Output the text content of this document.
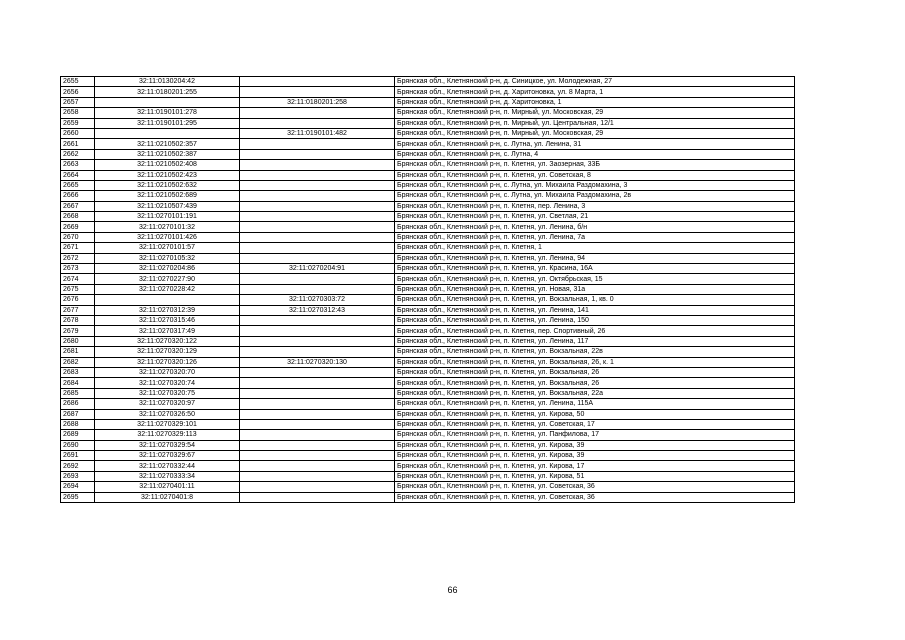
2655	32:11:0130204:42		Брянская обл., Клетнянский р-н, д. Синицкое, ул. Молодежная, 27
2656	32:11:0180201:255		Брянская обл., Клетнянский р-н, д. Харитоновка, ул. 8 Марта, 1
2657		32:11:0180201:258	Брянская обл., Клетнянский р-н, д. Харитоновка, 1
2658	32:11:0190101:278		Брянская обл., Клетнянский р-н, п. Мирный, ул. Московская, 29
2659	32:11:0190101:295		Брянская обл., Клетнянский р-н, п. Мирный, ул. Центральная, 12/1
2660		32:11:0190101:482	Брянская обл., Клетнянский р-н, п. Мирный, ул. Московская, 29
2661	32:11:0210502:357		Брянская обл., Клетнянский р-н, с. Лутна, ул. Ленина, 31
2662	32:11:0210502:387		Брянская обл., Клетнянский р-н, с. Лутна, 4
2663	32:11:0210502:408		Брянская обл., Клетнянский р-н, п. Клетня, ул. Заозерная, 33Б
2664	32:11:0210502:423		Брянская обл., Клетнянский р-н, п. Клетня, ул. Советская, 8
2665	32:11:0210502:632		Брянская обл., Клетнянский р-н, с. Лутна, ул. Михаила Раздомахина, 3
2666	32:11:0210502:689		Брянская обл., Клетнянский р-н, с. Лутна, ул. Михаила Раздомахина, 2в
2667	32:11:0210507:439		Брянская обл., Клетнянский р-н, п. Клетня, пер. Ленина, 3
2668	32:11:0270101:191		Брянская обл., Клетнянский р-н, п. Клетня, ул. Светлая, 21
2669	32:11:0270101:32		Брянская обл., Клетнянский р-н, п. Клетня, ул. Ленина, б/н
2670	32:11:0270101:426		Брянская обл., Клетнянский р-н, п. Клетня, ул. Ленина, 7а
2671	32:11:0270101:57		Брянская обл., Клетнянский р-н, п. Клетня, 1
2672	32:11:0270105:32		Брянская обл., Клетнянский р-н, п. Клетня, ул. Ленина, 94
2673	32:11:0270204:86	32:11:0270204:91	Брянская обл., Клетнянский р-н, п. Клетня, ул. Красина, 16А
2674	32:11:0270227:90		Брянская обл., Клетнянский р-н, п. Клетня, ул. Октябрьская, 15
2675	32:11:0270228:42		Брянская обл., Клетнянский р-н, п. Клетня, ул. Новая, 31а
2676		32:11:0270303:72	Брянская обл., Клетнянский р-н, п. Клетня, ул. Вокзальная, 1, кв. 0
2677	32:11:0270312:39	32:11:0270312:43	Брянская обл., Клетнянский р-н, п. Клетня, ул. Ленина, 141
2678	32:11:0270315:46		Брянская обл., Клетнянский р-н, п. Клетня, ул. Ленина, 150
2679	32:11:0270317:49		Брянская обл., Клетнянский р-н, п. Клетня, пер. Спортивный, 26
2680	32:11:0270320:122		Брянская обл., Клетнянский р-н, п. Клетня, ул. Ленина, 117
2681	32:11:0270320:129		Брянская обл., Клетнянский р-н, п. Клетня, ул. Вокзальная, 22в
2682	32:11:0270320:126	32:11:0270320:130	Брянская обл., Клетнянский р-н, п. Клетня, ул. Вокзальная, 26, к. 1
2683	32:11:0270320:70		Брянская обл., Клетнянский р-н, п. Клетня, ул. Вокзальная, 26
2684	32:11:0270320:74		Брянская обл., Клетнянский р-н, п. Клетня, ул. Вокзальная, 26
2685	32:11:0270320:75		Брянская обл., Клетнянский р-н, п. Клетня, ул. Вокзальная, 22а
2686	32:11:0270320:97		Брянская обл., Клетнянский р-н, п. Клетня, ул. Ленина, 115А
2687	32:11:0270326:50		Брянская обл., Клетнянский р-н, п. Клетня, ул. Кирова, 50
2688	32:11:0270329:101		Брянская обл., Клетнянский р-н, п. Клетня, ул. Советская, 17
2689	32:11:0270329:113		Брянская обл., Клетнянский р-н, п. Клетня, ул. Панфилова, 17
2690	32:11:0270329:54		Брянская обл., Клетнянский р-н, п. Клетня, ул. Кирова, 39
2691	32:11:0270329:67		Брянская обл., Клетнянский р-н, п. Клетня, ул. Кирова, 39
2692	32:11:0270332:44		Брянская обл., Клетнянский р-н, п. Клетня, ул. Кирова, 17
2693	32:11:0270333:34		Брянская обл., Клетнянский р-н, п. Клетня, ул. Кирова, 51
2694	32:11:0270401:11		Брянская обл., Клетнянский р-н, п. Клетня, ул. Советская, 36
2695	32:11:0270401:8		Брянская обл., Клетнянский р-н, п. Клетня, ул. Советская, 36
66
